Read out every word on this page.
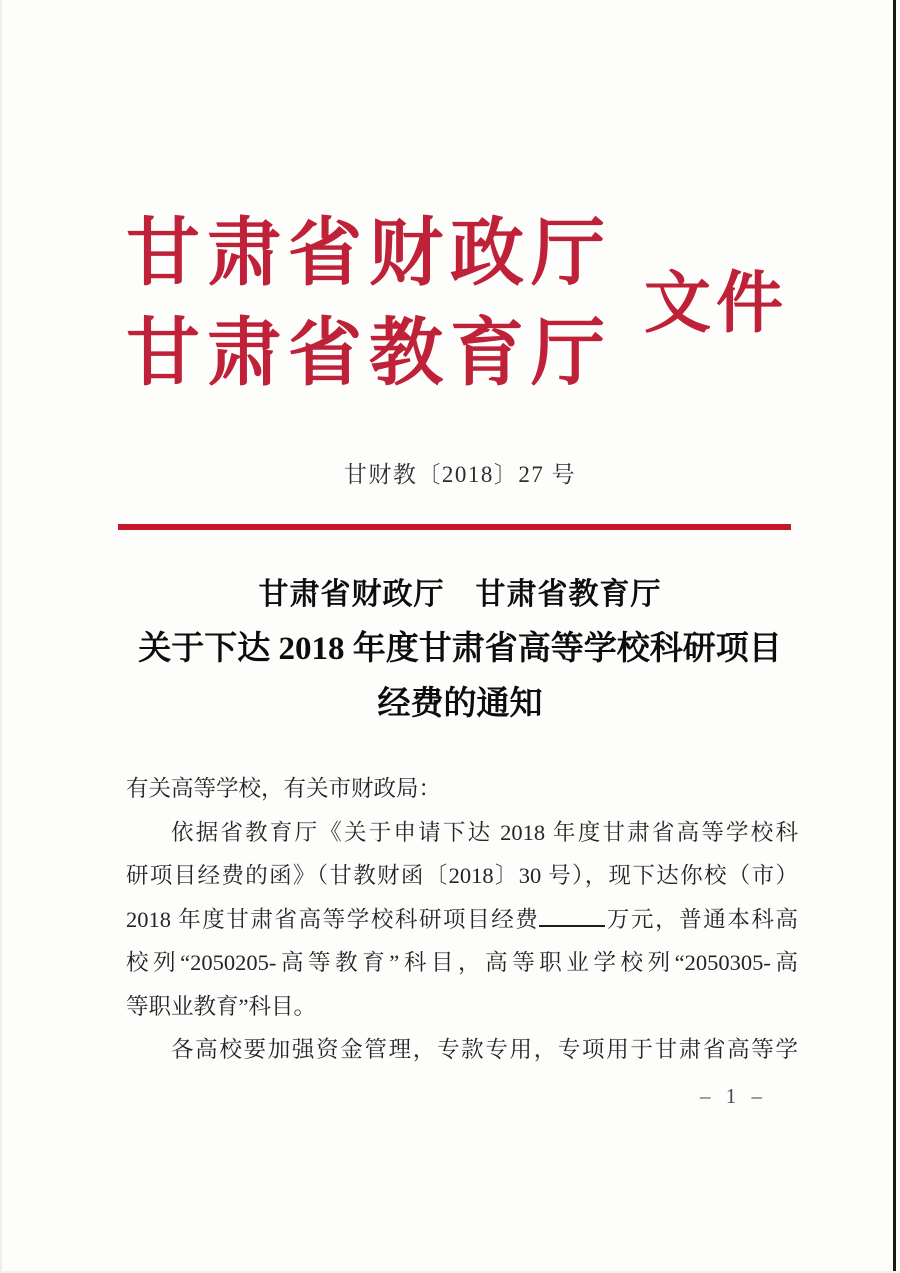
甘肃省财政厅
甘肃省教育厅
文件
甘财教〔2018〕27 号
甘肃省财政厅　甘肃省教育厅
关于下达 2018 年度甘肃省高等学校科研项目
经费的通知
有关高等学校，有关市财政局：
依据省教育厅《关于申请下达 2018 年度甘肃省高等学校科
研项目经费的函》（甘教财函〔2018〕30 号），现下达你校（市）
2018 年度甘肃省高等学校科研项目经费	万元，普通本科高
校列“2050205-高等教育”科目，高等职业学校列“2050305-高
等职业教育”科目。
各高校要加强资金管理，专款专用，专项用于甘肃省高等学
– 1 –
